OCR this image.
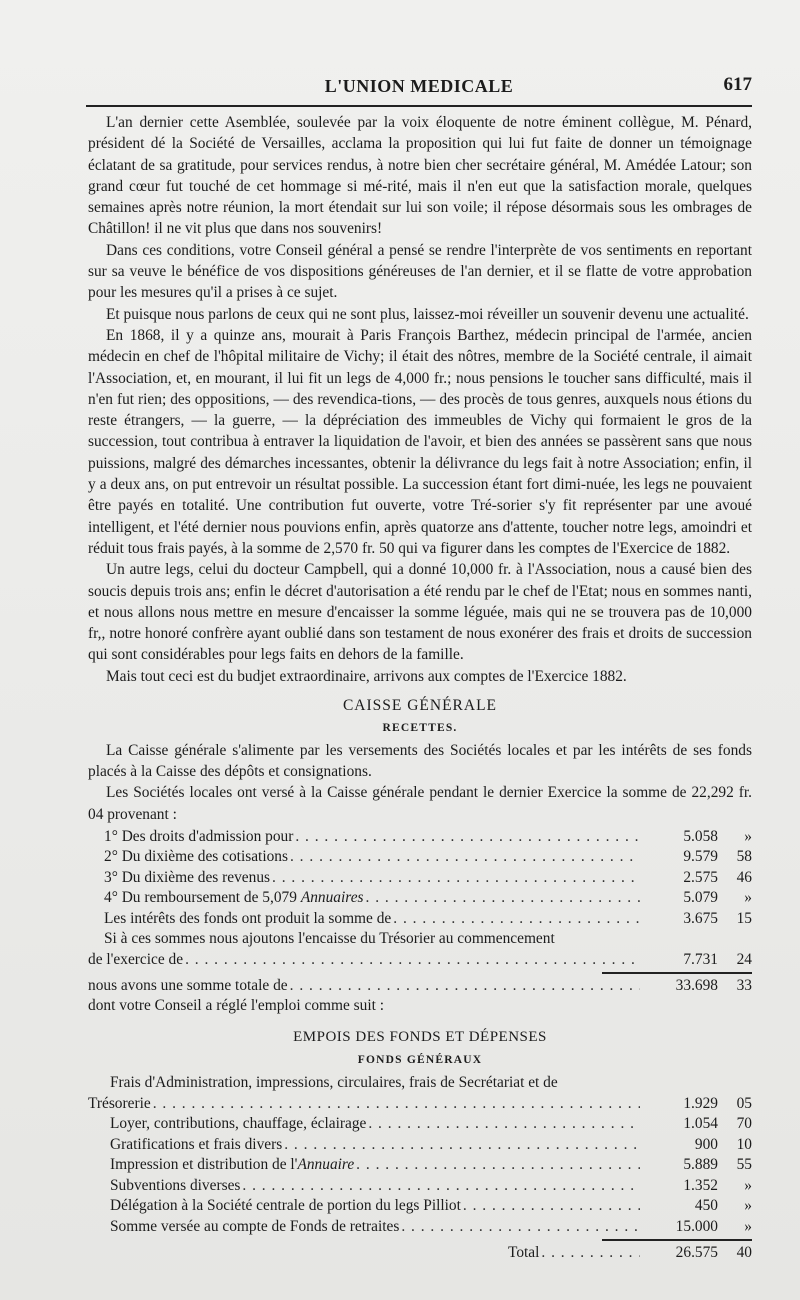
L'UNION MEDICALE	617

L'an dernier cette Asemblée, soulevée par la voix éloquente de notre éminent collègue, M. Pénard, président dé la Société de Versailles, acclama la proposition qui lui fut faite de donner un témoignage éclatant de sa gratitude, pour services rendus, à notre bien cher secrétaire général, M. Amédée Latour; son grand cœur fut touché de cet hommage si mé-rité, mais il n'en eut que la satisfaction morale, quelques semaines après notre réunion, la mort étendait sur lui son voile; il répose désormais sous les ombrages de Châtillon! il ne vit plus que dans nos souvenirs!

Dans ces conditions, votre Conseil général a pensé se rendre l'interprète de vos sentiments en reportant sur sa veuve le bénéfice de vos dispositions généreuses de l'an dernier, et il se flatte de votre approbation pour les mesures qu'il a prises à ce sujet.

Et puisque nous parlons de ceux qui ne sont plus, laissez-moi réveiller un souvenir devenu une actualité.

En 1868, il y a quinze ans, mourait à Paris François Barthez, médecin principal de l'armée, ancien médecin en chef de l'hôpital militaire de Vichy; il était des nôtres, membre de la Société centrale, il aimait l'Association, et, en mourant, il lui fit un legs de 4,000 fr.; nous pensions le toucher sans difficulté, mais il n'en fut rien; des oppositions, — des revendica-tions, — des procès de tous genres, auxquels nous étions du reste étrangers, — la guerre, — la dépréciation des immeubles de Vichy qui formaient le gros de la succession, tout contribua à entraver la liquidation de l'avoir, et bien des années se passèrent sans que nous puissions, malgré des démarches incessantes, obtenir la délivrance du legs fait à notre Association; enfin, il y a deux ans, on put entrevoir un résultat possible. La succession étant fort dimi-nuée, les legs ne pouvaient être payés en totalité. Une contribution fut ouverte, votre Tré-sorier s'y fit représenter par une avoué intelligent, et l'été dernier nous pouvions enfin, après quatorze ans d'attente, toucher notre legs, amoindri et réduit tous frais payés, à la somme de 2,570 fr. 50 qui va figurer dans les comptes de l'Exercice de 1882.

Un autre legs, celui du docteur Campbell, qui a donné 10,000 fr. à l'Association, nous a causé bien des soucis depuis trois ans; enfin le décret d'autorisation a été rendu par le chef de l'Etat; nous en sommes nanti, et nous allons nous mettre en mesure d'encaisser la somme léguée, mais qui ne se trouvera pas de 10,000 fr,, notre honoré confrère ayant oublié dans son testament de nous exonérer des frais et droits de succession qui sont considérables pour legs faits en dehors de la famille.

Mais tout ceci est du budjet extraordinaire, arrivons aux comptes de l'Exercice 1882.

CAISSE GÉNÉRALE

RECETTES.

La Caisse générale s'alimente par les versements des Sociétés locales et par les intérêts de ses fonds placés à la Caisse des dépôts et consignations.

Les Sociétés locales ont versé à la Caisse générale pendant le dernier Exercice la somme de 22,292 fr. 04 provenant :

1° Des droits d'admission pour . . .	5.058	»
2° Du dixième des cotisations . . .	9.579	58
3° Du dixième des revenus . . .	2.575	46
4° Du remboursement de 5,079 Annuaires . . .	5.079	»
Les intérêts des fonds ont produit la somme de . . .	3.675	15
Si à ces sommes nous ajoutons l'encaisse du Trésorier au commencement
de l'exercice de . . .	7.731	24
nous avons une somme totale de . . .	33.698	33
dont votre Conseil a réglé l'emploi comme suit :

EMPOIS DES FONDS ET DÉPENSES

FONDS GÉNÉRAUX

Frais d'Administration, impressions, circulaires, frais de Secrétariat et de
Trésorerie . . .	1.929	05
Loyer, contributions, chauffage, éclairage . . .	1.054	70
Gratifications et frais divers . . .	900	10
Impression et distribution de l'Annuaire . . .	5.889	55
Subventions diverses . . .	1.352	»
Délégation à la Société centrale de portion du legs Pilliot . . .	450	»
Somme versée au compte de Fonds de retraites . . .	15.000	»
Total . . .	26.575	40
